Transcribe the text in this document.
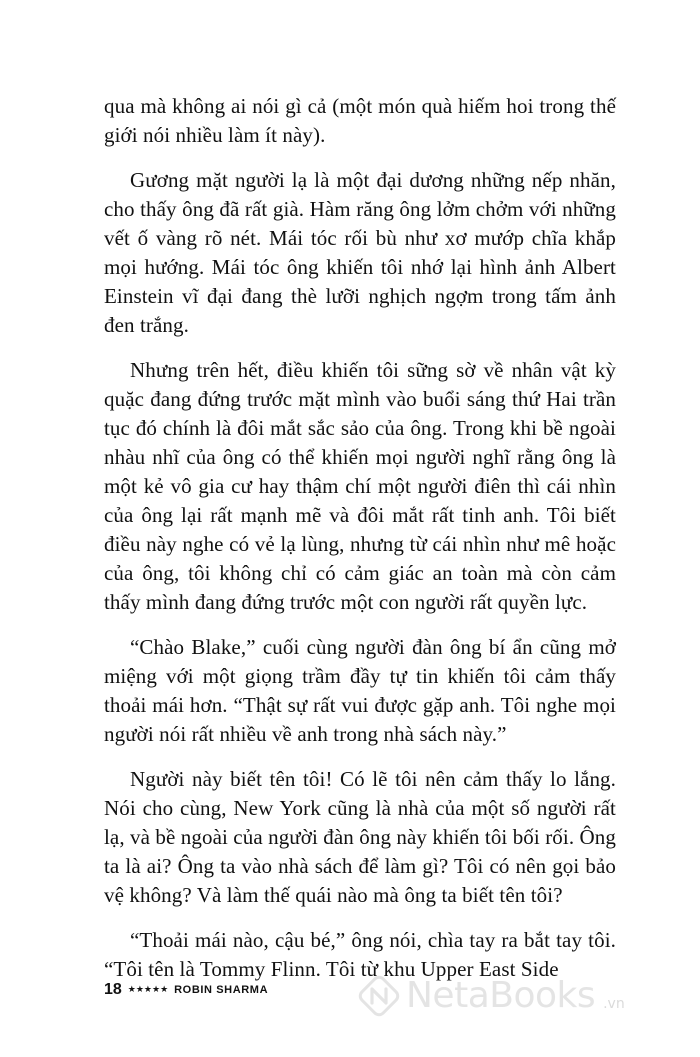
qua mà không ai nói gì cả (một món quà hiếm hoi trong thế giới nói nhiều làm ít này).

Gương mặt người lạ là một đại dương những nếp nhăn, cho thấy ông đã rất già. Hàm răng ông lởm chởm với những vết ố vàng rõ nét. Mái tóc rối bù như xơ mướp chĩa khắp mọi hướng. Mái tóc ông khiến tôi nhớ lại hình ảnh Albert Einstein vĩ đại đang thè lưỡi nghịch ngợm trong tấm ảnh đen trắng.

Nhưng trên hết, điều khiến tôi sững sờ về nhân vật kỳ quặc đang đứng trước mặt mình vào buổi sáng thứ Hai trần tục đó chính là đôi mắt sắc sảo của ông. Trong khi bề ngoài nhàu nhĩ của ông có thể khiến mọi người nghĩ rằng ông là một kẻ vô gia cư hay thậm chí một người điên thì cái nhìn của ông lại rất mạnh mẽ và đôi mắt rất tinh anh. Tôi biết điều này nghe có vẻ lạ lùng, nhưng từ cái nhìn như mê hoặc của ông, tôi không chỉ có cảm giác an toàn mà còn cảm thấy mình đang đứng trước một con người rất quyền lực.

“Chào Blake,” cuối cùng người đàn ông bí ẩn cũng mở miệng với một giọng trầm đầy tự tin khiến tôi cảm thấy thoải mái hơn. “Thật sự rất vui được gặp anh. Tôi nghe mọi người nói rất nhiều về anh trong nhà sách này.”

Người này biết tên tôi! Có lẽ tôi nên cảm thấy lo lắng. Nói cho cùng, New York cũng là nhà của một số người rất lạ, và bề ngoài của người đàn ông này khiến tôi bối rối. Ông ta là ai? Ông ta vào nhà sách để làm gì? Tôi có nên gọi bảo vệ không? Và làm thế quái nào mà ông ta biết tên tôi?

“Thoải mái nào, cậu bé,” ông nói, chìa tay ra bắt tay tôi. “Tôi tên là Tommy Flinn. Tôi từ khu Upper East Side

18 ★★★★★ ROBIN SHARMA	NetaBooks .vn
